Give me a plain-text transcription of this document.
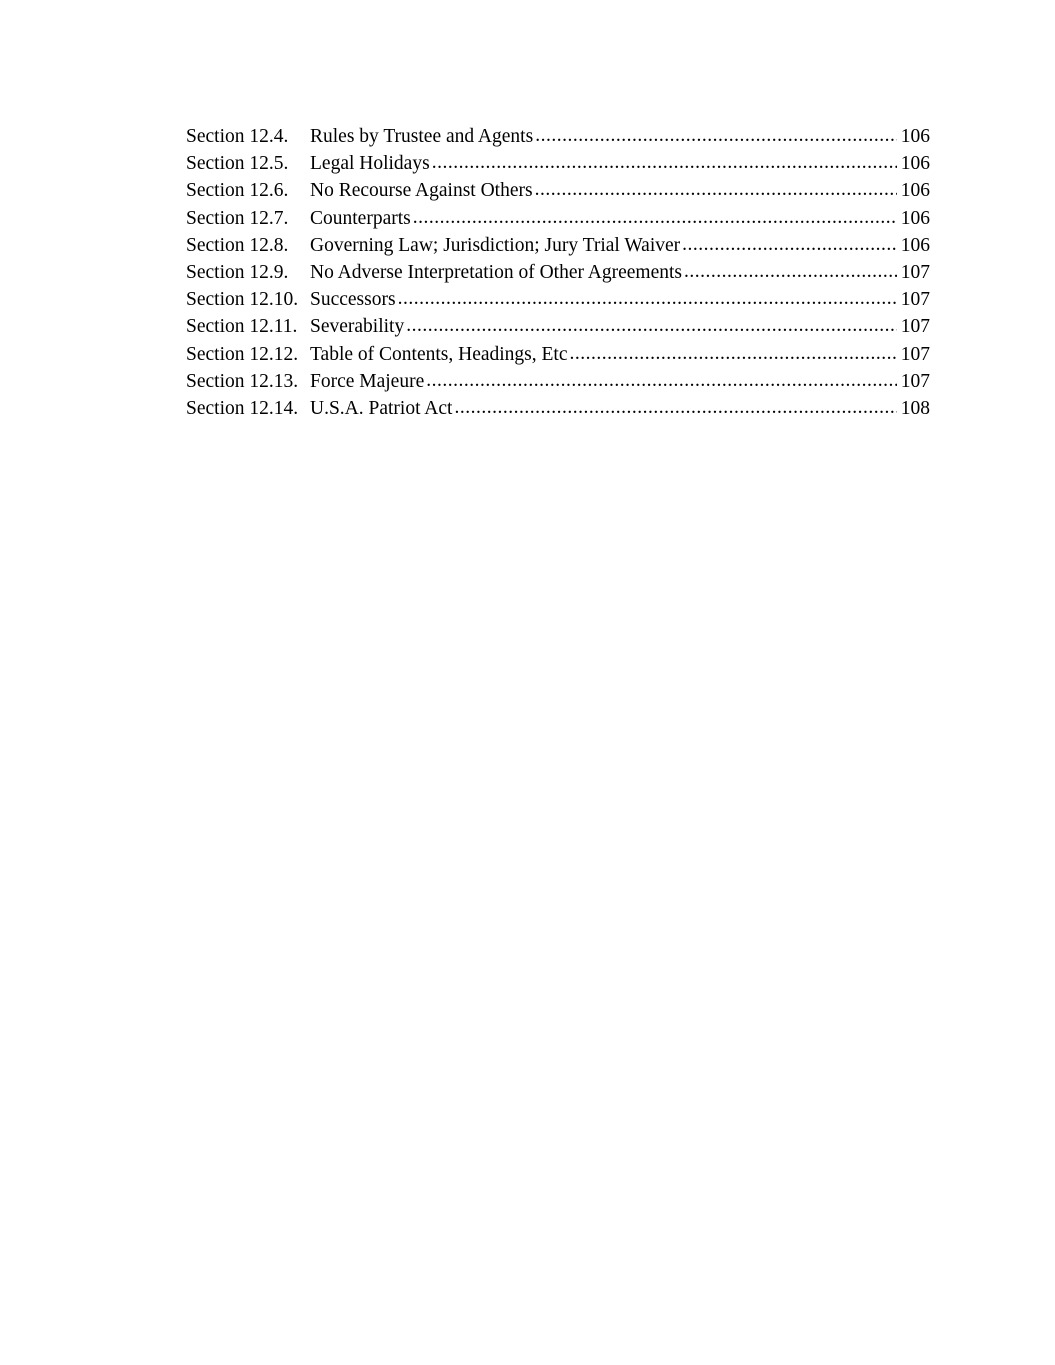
Section 12.4.	Rules by Trustee and Agents .....	106
Section 12.5.	Legal Holidays .....	106
Section 12.6.	No Recourse Against Others .....	106
Section 12.7.	Counterparts .....	106
Section 12.8.	Governing Law; Jurisdiction; Jury Trial Waiver .....	106
Section 12.9.	No Adverse Interpretation of Other Agreements .....	107
Section 12.10. Successors .....	107
Section 12.11. Severability .....	107
Section 12.12. Table of Contents, Headings, Etc .....	107
Section 12.13. Force Majeure .....	107
Section 12.14. U.S.A. Patriot Act .....	108
